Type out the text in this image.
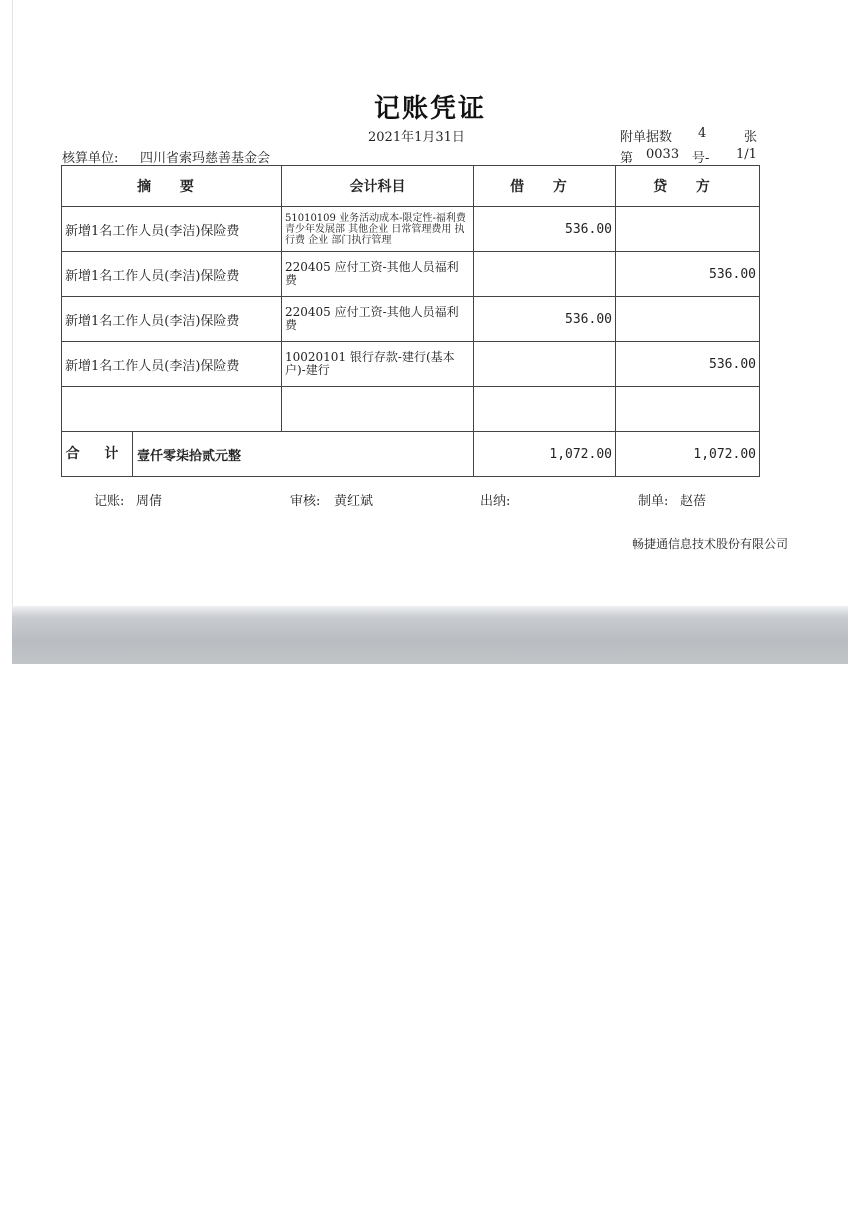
记账凭证
2021年1月31日	附单据数 4	张
核算单位: 四川省索玛慈善基金会	第 0033 号- 1/1
摘 要	会计科目	借 方	贷 方
新增1名工作人员(李洁)保险费	51010109 业务活动成本-限定性-福利费 青少年发展部 其他企业 日常管理费用 执行费 企业 部门执行管理	536.00	
新增1名工作人员(李洁)保险费	220405 应付工资-其他人员福利费		536.00
新增1名工作人员(李洁)保险费	220405 应付工资-其他人员福利费	536.00	
新增1名工作人员(李洁)保险费	10020101 银行存款-建行(基本户)-建行		536.00

合 计 壹仟零柒拾贰元整		1,072.00	1,072.00
记账: 周倩	审核: 黄红斌	出纳:	制单: 赵蓓
畅捷通信息技术股份有限公司
